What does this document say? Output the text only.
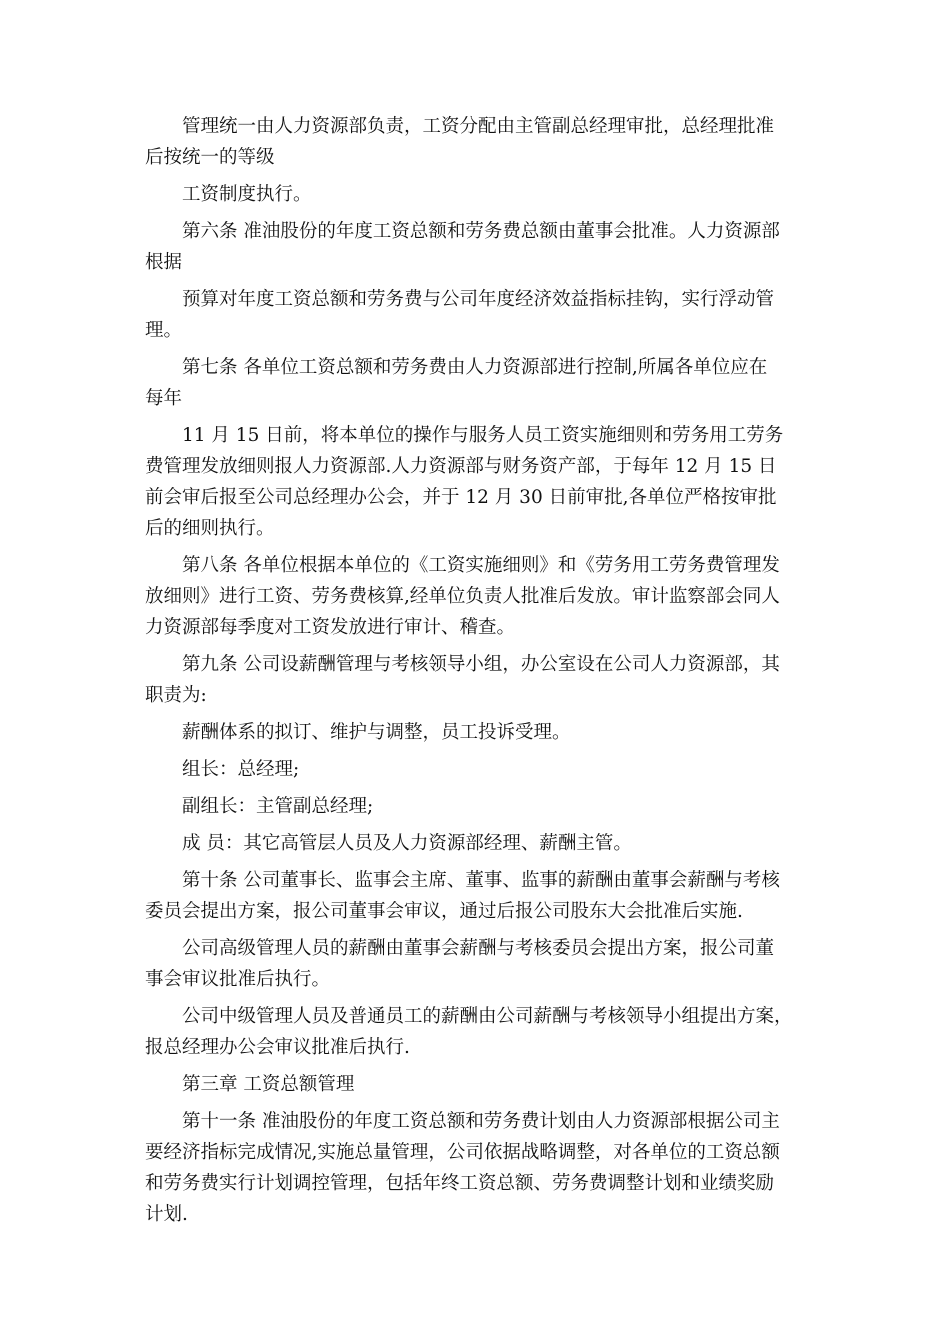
管理统一由人力资源部负责，工资分配由主管副总经理审批，总经理批准
后按统一的等级
工资制度执行。
第六条 准油股份的年度工资总额和劳务费总额由董事会批准。人力资源部
根据
预算对年度工资总额和劳务费与公司年度经济效益指标挂钩，实行浮动管
理。
第七条 各单位工资总额和劳务费由人力资源部进行控制,所属各单位应在
每年
11 月 15 日前，将本单位的操作与服务人员工资实施细则和劳务用工劳务
费管理发放细则报人力资源部.人力资源部与财务资产部，于每年 12 月 15 日
前会审后报至公司总经理办公会，并于 12 月 30 日前审批,各单位严格按审批
后的细则执行。
第八条 各单位根据本单位的《工资实施细则》和《劳务用工劳务费管理发
放细则》进行工资、劳务费核算,经单位负责人批准后发放。审计监察部会同人
力资源部每季度对工资发放进行审计、稽查。
第九条 公司设薪酬管理与考核领导小组，办公室设在公司人力资源部，其
职责为:
薪酬体系的拟订、维护与调整，员工投诉受理。
组长：总经理;
副组长：主管副总经理;
成 员：其它高管层人员及人力资源部经理、薪酬主管。
第十条 公司董事长、监事会主席、董事、监事的薪酬由董事会薪酬与考核
委员会提出方案，报公司董事会审议，通过后报公司股东大会批准后实施.
公司高级管理人员的薪酬由董事会薪酬与考核委员会提出方案，报公司董
事会审议批准后执行。
公司中级管理人员及普通员工的薪酬由公司薪酬与考核领导小组提出方案，
报总经理办公会审议批准后执行.
第三章 工资总额管理
第十一条 准油股份的年度工资总额和劳务费计划由人力资源部根据公司主
要经济指标完成情况,实施总量管理，公司依据战略调整，对各单位的工资总额
和劳务费实行计划调控管理，包括年终工资总额、劳务费调整计划和业绩奖励
计划.
